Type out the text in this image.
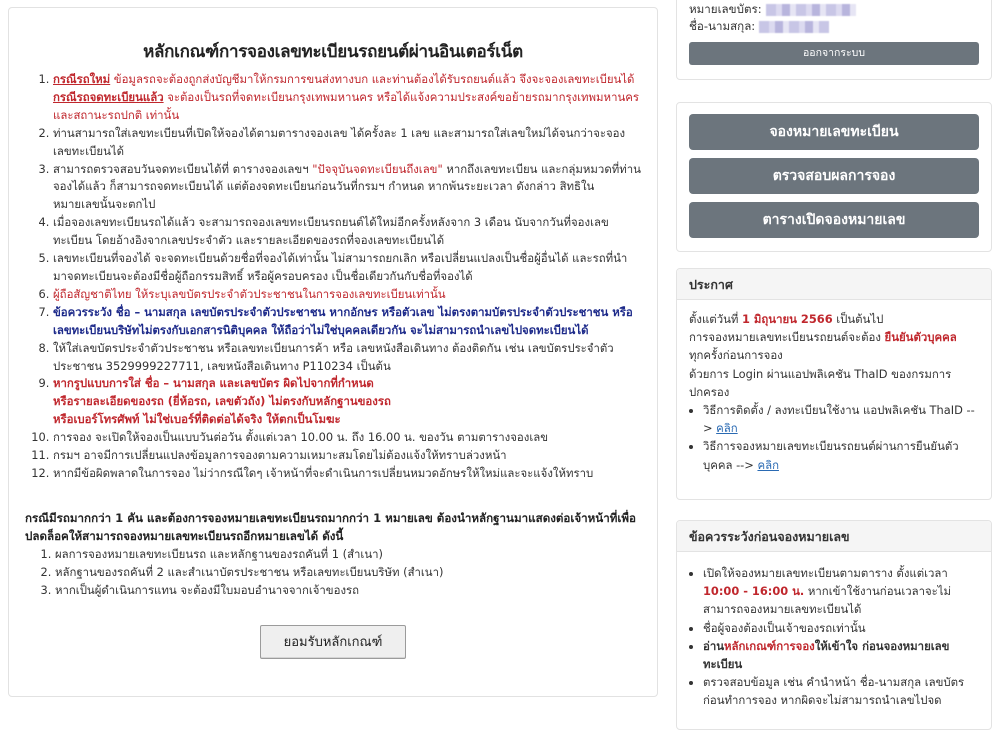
หลักเกณฑ์การจองเลขทะเบียนรถยนต์ผ่านอินเตอร์เน็ต
1. กรณีรถใหม่ ข้อมูลรถจะต้องถูกส่งบัญชีมาให้กรมการขนส่งทางบก และท่านต้องได้รับรถยนต์แล้ว จึงจะจองเลขทะเบียนได้
กรณีรถจดทะเบียนแล้ว จะต้องเป็นรถที่จดทะเบียนกรุงเทพมหานคร หรือได้แจ้งความประสงค์ขอย้ายรถมากรุงเทพมหานคร และสถานะรถปกติ เท่านั้น
2. ท่านสามารถใส่เลขทะเบียนที่เปิดให้จองได้ตามตารางจองเลข ได้ครั้งละ 1 เลข และสามารถใส่เลขใหม่ได้จนกว่าจะจองเลขทะเบียนได้
3. สามารถตรวจสอบวันจดทะเบียนได้ที่ ตารางจองเลขฯ "ปัจจุบันจดทะเบียนถึงเลข" หากถึงเลขทะเบียน และกลุ่มหมวดที่ท่านจองได้แล้ว ก็สามารถจดทะเบียนได้ แต่ต้องจดทะเบียนก่อนวันที่กรมฯ กำหนด หากพ้นระยะเวลา ดังกล่าว สิทธิในหมายเลขนั้นจะตกไป
4. เมื่อจองเลขทะเบียนรถได้แล้ว จะสามารถจองเลขทะเบียนรถยนต์ได้ใหม่อีกครั้งหลังจาก 3 เดือน นับจากวันที่จองเลขทะเบียน โดยอ้างอิงจากเลขประจำตัว และรายละเอียดของรถที่จองเลขทะเบียนได้
5. เลขทะเบียนที่จองได้ จะจดทะเบียนด้วยชื่อที่จองได้เท่านั้น ไม่สามารถยกเลิก หรือเปลี่ยนแปลงเป็นชื่อผู้อื่นได้ และรถที่นำมาจดทะเบียนจะต้องมีชื่อผู้ถือกรรมสิทธิ์ หรือผู้ครอบครอง เป็นชื่อเดียวกันกับชื่อที่จองได้
6. ผู้ถือสัญชาติไทย ให้ระบุเลขบัตรประจำตัวประชาชนในการจองเลขทะเบียนเท่านั้น
7. ข้อควรระวัง ชื่อ – นามสกุล เลขบัตรประจำตัวประชาชน หากอักษร หรือตัวเลข ไม่ตรงตามบัตรประจำตัวประชาชน หรือเลขทะเบียนบริษัทไม่ตรงกับเอกสารนิติบุคคล ให้ถือว่าไม่ใช่บุคคลเดียวกัน จะไม่สามารถนำเลขไปจดทะเบียนได้
8. ให้ใส่เลขบัตรประจำตัวประชาชน หรือเลขทะเบียนการค้า หรือ เลขหนังสือเดินทาง ต้องติดกัน เช่น เลขบัตรประจำตัวประชาชน 3529999227711, เลขหนังสือเดินทาง P110234 เป็นต้น
9. หากรูปแบบการใส่ ชื่อ – นามสกุล และเลขบัตร ผิดไปจากที่กำหนด
หรือรายละเอียดของรถ (ยี่ห้อรถ, เลขตัวถัง) ไม่ตรงกับหลักฐานของรถ
หรือเบอร์โทรศัพท์ ไม่ใช่เบอร์ที่ติดต่อได้จริง ให้ตกเป็นโมฆะ
10. การจอง จะเปิดให้จองเป็นแบบวันต่อวัน ตั้งแต่เวลา 10.00 น. ถึง 16.00 น. ของวัน ตามตารางจองเลข
11. กรมฯ อาจมีการเปลี่ยนแปลงข้อมูลการจองตามความเหมาะสมโดยไม่ต้องแจ้งให้ทราบล่วงหน้า
12. หากมีข้อผิดพลาดในการจอง ไม่ว่ากรณีใดๆ เจ้าหน้าที่จะดำเนินการเปลี่ยนหมวดอักษรให้ใหม่และจะแจ้งให้ทราบ
กรณีมีรถมากกว่า 1 คัน และต้องการจองหมายเลขทะเบียนรถมากกว่า 1 หมายเลข ต้องนำหลักฐานมาแสดงต่อเจ้าหน้าที่เพื่อปลดล็อคให้สามารถจองหมายเลขทะเบียนรถอีกหมายเลขได้ ดังนี้
1. ผลการจองหมายเลขทะเบียนรถ และหลักฐานของรถคันที่ 1 (สำเนา)
2. หลักฐานของรถคันที่ 2 และสำเนาบัตรประชาชน หรือเลขทะเบียนบริษัท (สำเนา)
3. หากเป็นผู้ดำเนินการแทน จะต้องมีใบมอบอำนาจจากเจ้าของรถ
ยอมรับหลักเกณฑ์
หมายเลขบัตร:
ชื่อ-นามสกุล:
ออกจากระบบ
จองหมายเลขทะเบียน
ตรวจสอบผลการจอง
ตารางเปิดจองหมายเลข
ประกาศ
ตั้งแต่วันที่ 1 มิถุนายน 2566 เป็นต้นไป
การจองหมายเลขทะเบียนรถยนต์จะต้อง ยืนยันตัวบุคคล
ทุกครั้งก่อนการจอง
ด้วยการ Login ผ่านแอปพลิเคชัน ThaID ของกรมการปกครอง
• วิธีการติดตั้ง / ลงทะเบียนใช้งาน แอปพลิเคชัน ThaID --> คลิก
• วิธีการจองหมายเลขทะเบียนรถยนต์ผ่านการยืนยันตัวบุคคล --> คลิก
ข้อควรระวังก่อนจองหมายเลข
• เปิดให้จองหมายเลขทะเบียนตามตาราง ตั้งแต่เวลา 10:00 - 16:00 น. หากเข้าใช้งานก่อนเวลาจะไม่สามารถจองหมายเลขทะเบียนได้
• ชื่อผู้จองต้องเป็นเจ้าของรถเท่านั้น
• อ่านหลักเกณฑ์การจองให้เข้าใจ ก่อนจองหมายเลขทะเบียน
• ตรวจสอบข้อมูล เช่น คำนำหน้า ชื่อ-นามสกุล เลขบัตร ก่อนทำการจอง หากผิดจะไม่สามารถนำเลขไปจด
